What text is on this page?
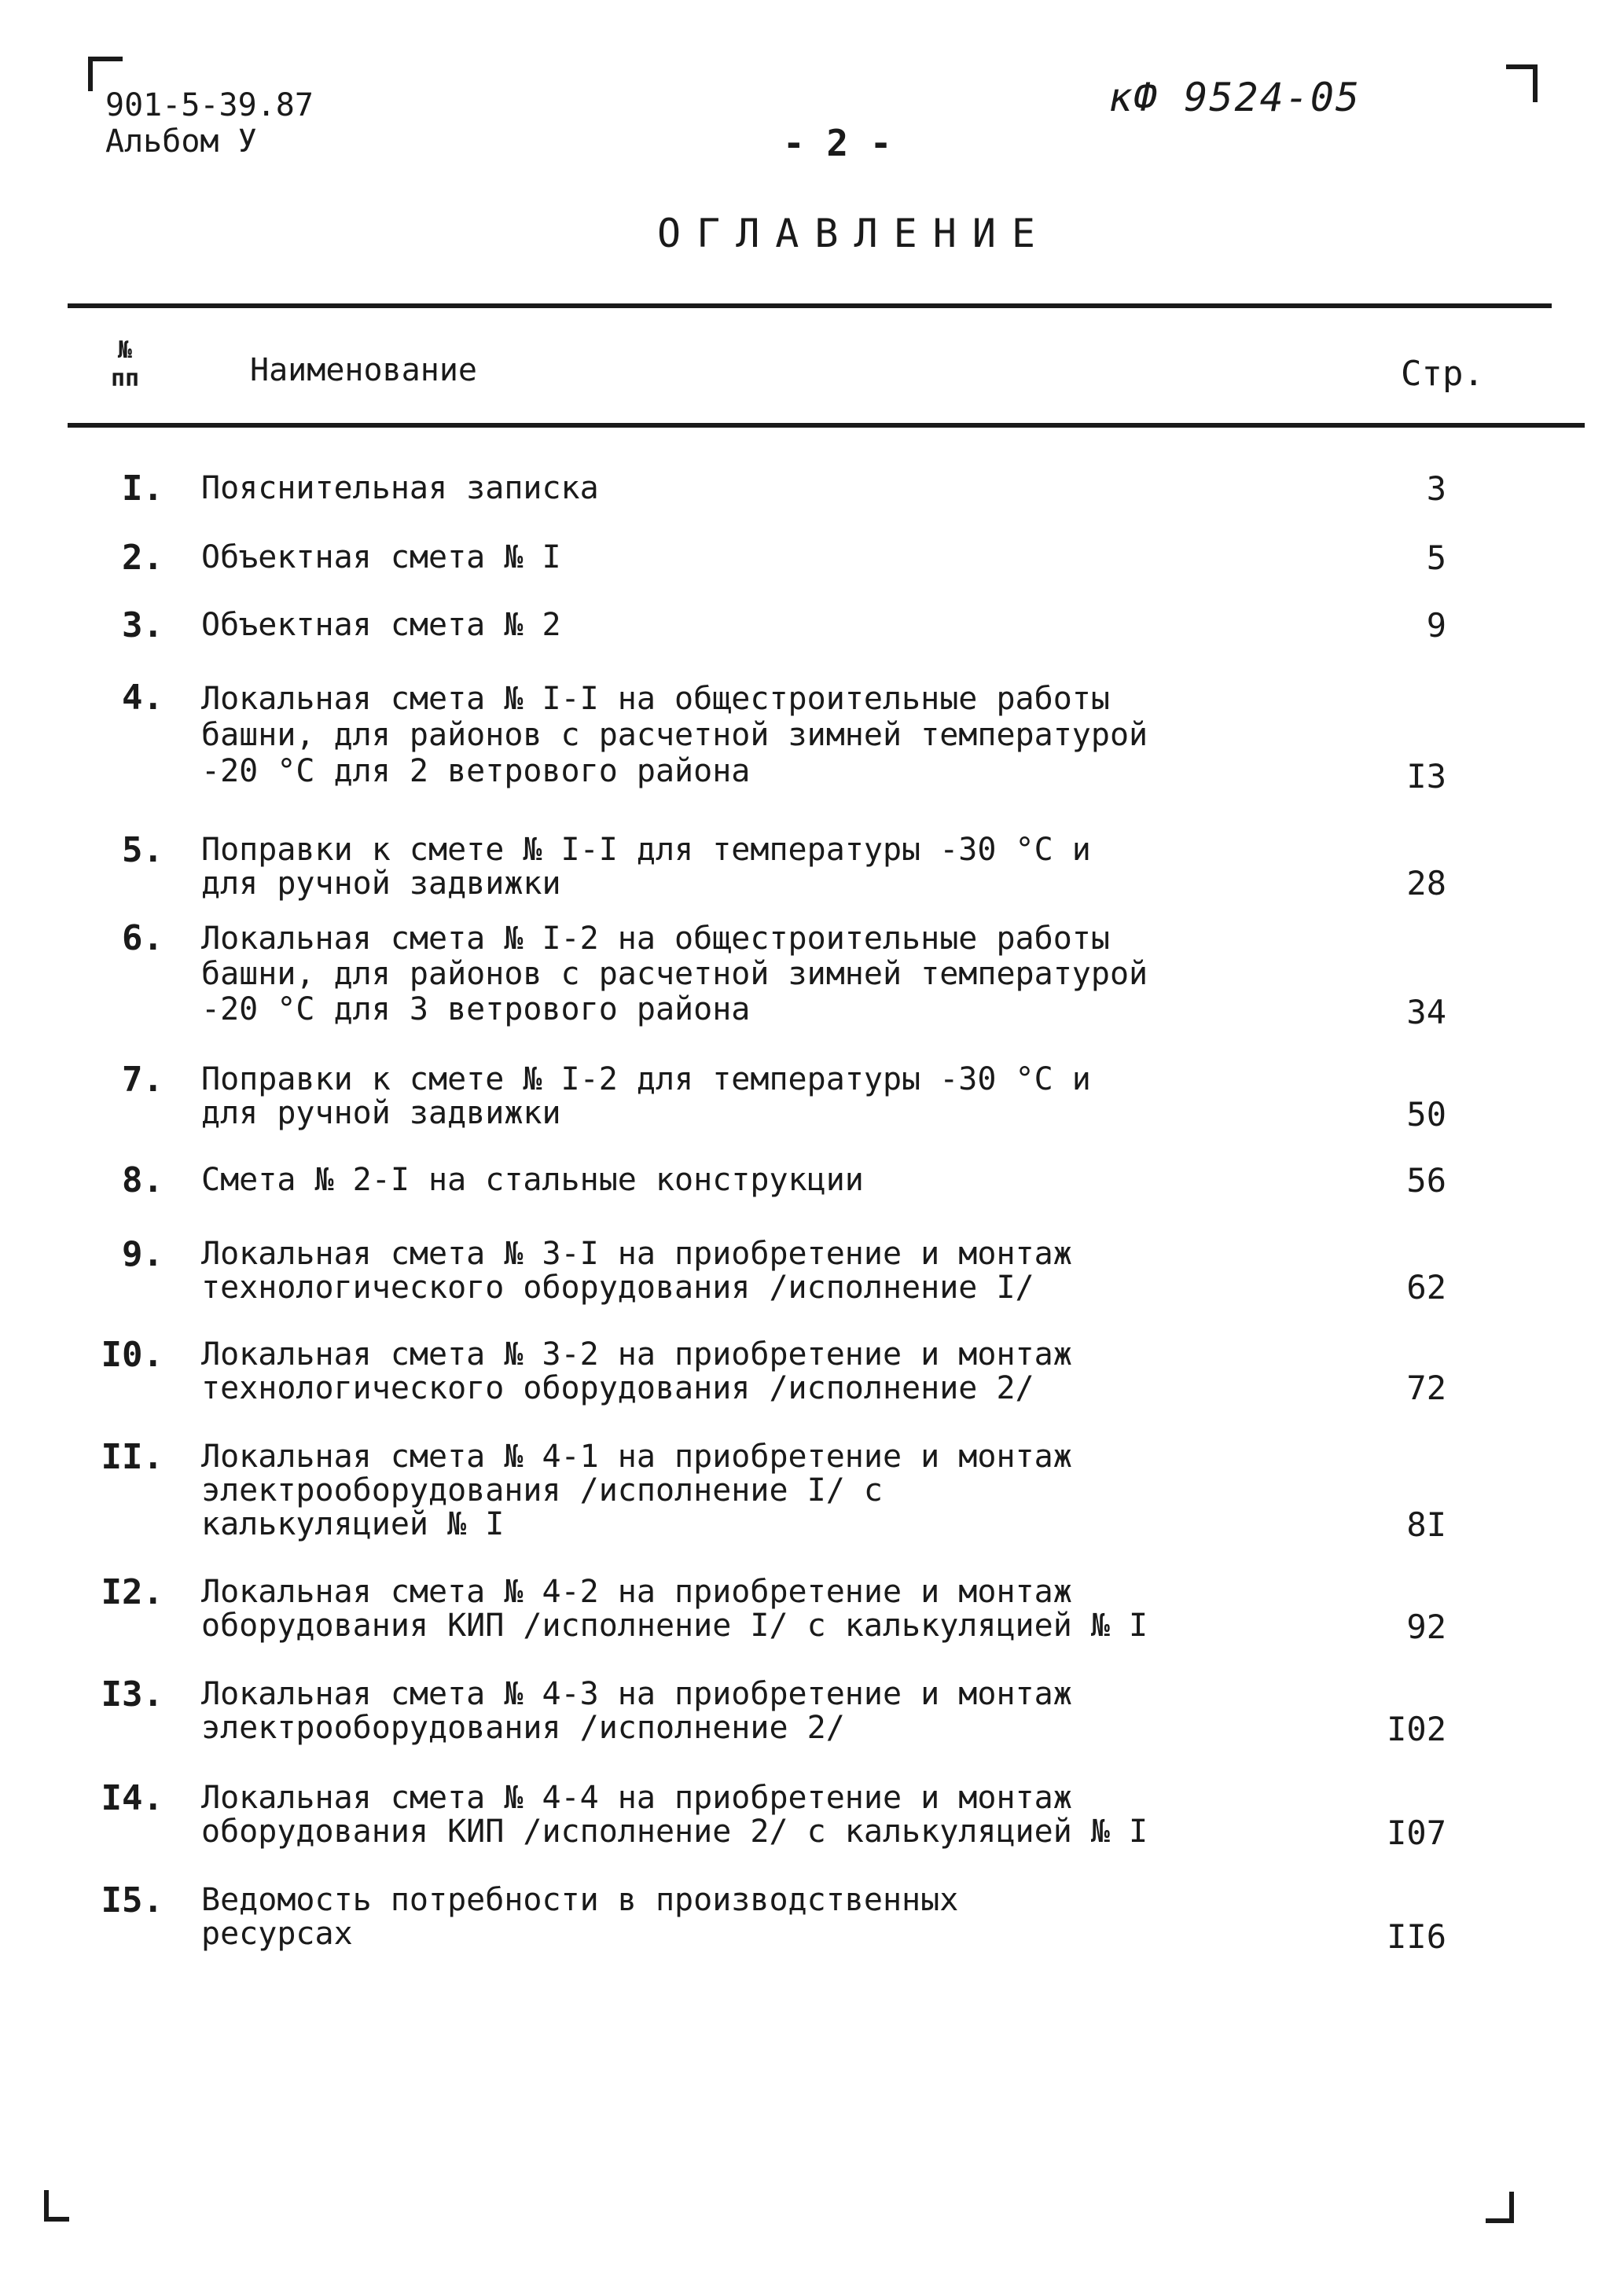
901-5-39.87
Альбом У	- 2 -
кФ 9524-05
ОГЛАВЛЕНИЕ
№
пп	Наименование	Стр.
I. Пояснительная записка	3
2. Объектная смета № I	5
3. Объектная смета № 2	9
4. Локальная смета № I-I на общестроительные работы
башни, для районов с расчетной зимней температурой
-20 °С для 2 ветрового района	I3
5. Поправки к смете № I-I для температуры -30 °С и
для ручной задвижки	28
6. Локальная смета № I-2 на общестроительные работы
башни, для районов с расчетной зимней температурой
-20 °С для 3 ветрового района	34
7. Поправки к смете № I-2 для температуры -30 °С и
для ручной задвижки	50
8. Смета № 2-I на стальные конструкции	56
9. Локальная смета № 3-I на приобретение и монтаж
технологического оборудования /исполнение I/	62
I0. Локальная смета № 3-2 на приобретение и монтаж
технологического оборудования /исполнение 2/	72
II. Локальная смета № 4-1 на приобретение и монтаж
электрооборудования /исполнение I/ с
калькуляцией № I	8I
I2. Локальная смета № 4-2 на приобретение и монтаж
оборудования КИП /исполнение I/ с калькуляцией № I	92
I3. Локальная смета № 4-3 на приобретение и монтаж
электрооборудования /исполнение 2/	I02
I4. Локальная смета № 4-4 на приобретение и монтаж
оборудования КИП /исполнение 2/ с калькуляцией № I	I07
I5. Ведомость потребности в производственных
ресурсах	II6
